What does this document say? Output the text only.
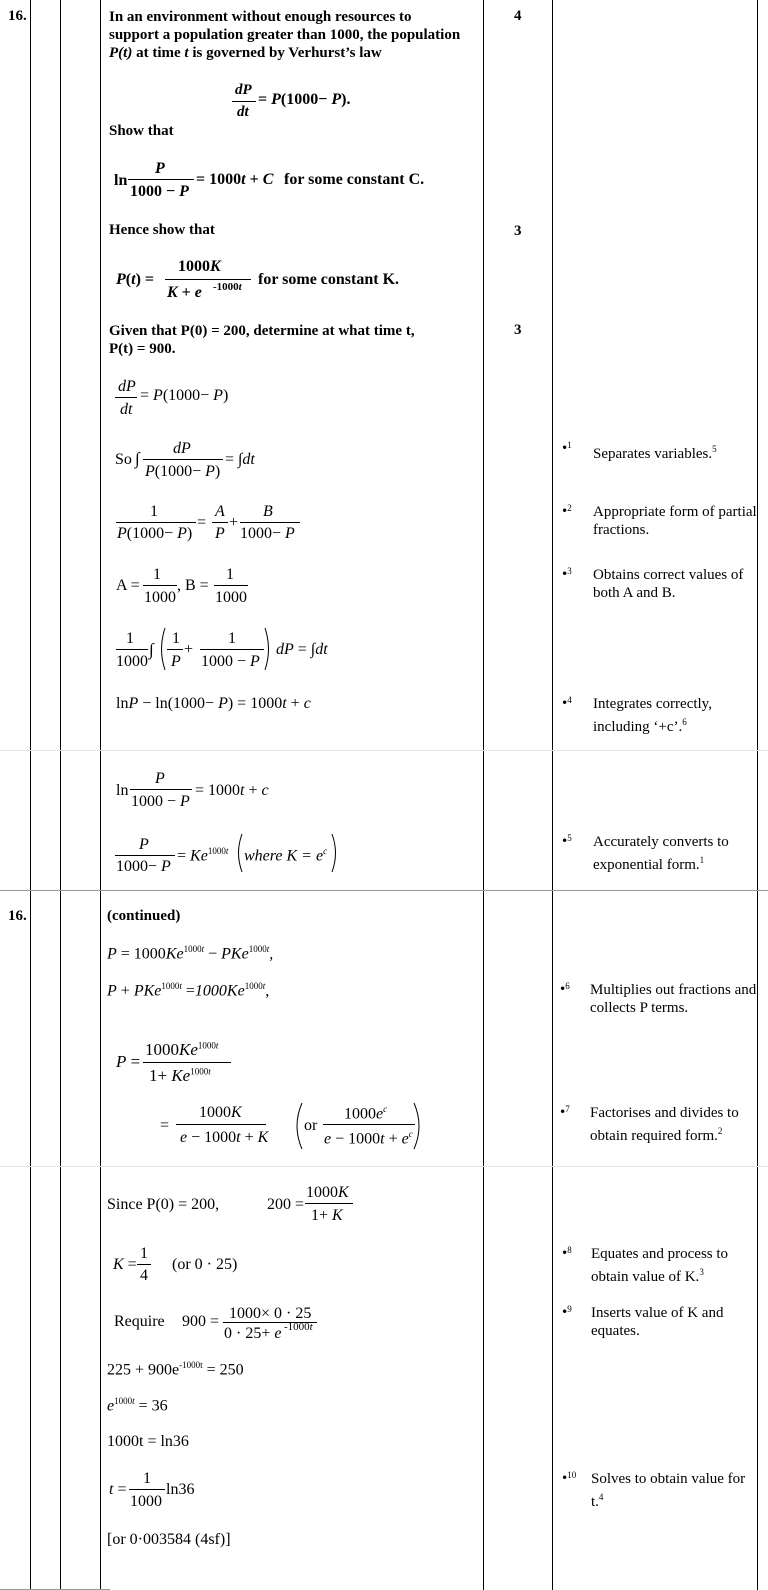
16.
16.
4
3
3
In an environment without enough resources to
support a population greater than 1000, the population
P(t) at time t is governed by Verhurst’s law
dP
dt
= P(1000− P).
Show that
ln
P
1000 − P
= 1000t + C for some constant C.
Hence show that
P(t) =
1000K
K + e -1000t for some constant K.
Given that P(0) = 200, determine at what time t,
P(t) = 900.
dP
dt
= P(1000− P)
So ∫
dP
P(1000− P)
= ∫dt
1
P(1000− P)
=
A
P
+
B
1000− P
A =
1
1000
, B =
1
1000
1
1000
∫
1
P
+
1
1000 − P
dP = ∫dt
lnP − ln(1000− P) = 1000t + c
ln
P
1000 − P
= 1000t + c
P
1000− P
= $Ke^{1000t}$ where $K = e^c$
(continued)
$P = 1000Ke^{1000t} - PKe^{1000t}$,
$P + PKe^{1000t} =1000Ke^{1000t}$,
P =
$1000Ke^{1000t}$
$1+ Ke^{1000t}$
=
1000K
e − 1000t + K
or
$1000e^c$
$e - 1000t + e^c$
Since P(0) = 200,	200 =
1000K
1+ K
K =
1
4
(or 0 · 25)
Require 900 = 1000× 0 · 25
0 · 25+ e -1000t
$225 + 900e^{-1000t} = 250$
$e^{1000t} = 36$
1000t = ln36
t =
1
1000
ln36
[or 0·003584 (4sf)]
•$^1$
Separates variables.$^5$
•$^2$ Appropriate form of partial fractions.
•$^3$ Obtains correct values of both A and B.
•$^4$ Integrates correctly, including ‘+c’.$^6$
•$^5$ Accurately converts to exponential form.$^1$
•$^6$ Multiplies out fractions and collects P terms.
•$^7$ Factorises and divides to obtain required form.$^2$
•$^8$ Equates and process to obtain value of K.$^3$
•$^9$ Inserts value of K and equates.
•$^{10}$ Solves to obtain value for t.$^4$
